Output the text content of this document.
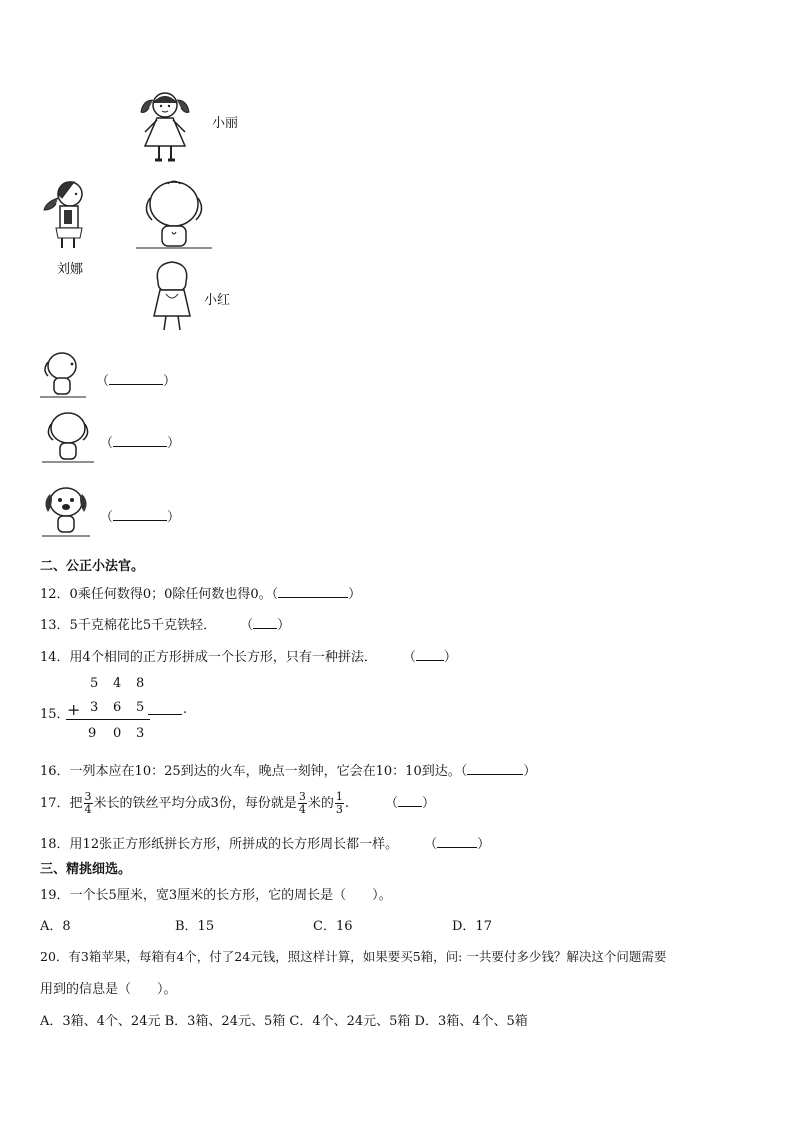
小丽
刘娜
小红
（	）
（	）
（	）
二、公正小法官。
12．0乘任何数得0；0除任何数也得0。（	）
13．5千克棉花比5千克铁轻． （ ）
14．用4个相同的正方形拼成一个长方形，只有一种拼法． （ ）
5 4 8
15．
+ 3 6 5	.
9 0 3
16．一列本应在10：25到达的火车，晚点一刻钟，它会在10：10到达。（	）
17．把 $\frac{3}{4}$ 米长的铁丝平均分成3份，每份就是 $\frac{3}{4}$ 米的 $\frac{1}{3}$ .	（ ）
18．用12张正方形纸拼长方形，所拼成的长方形周长都一样。 （	）
三、精挑细选。
19．一个长5厘米，宽3厘米的长方形，它的周长是（　　）。
A．8	B．15	C．16	D．17
20．有3箱苹果，每箱有4个，付了24元钱，照这样计算，如果要买5箱，问: 一共要付多少钱？解决这个问题需要
用到的信息是（　　）。
A．3箱、4个、24元 B．3箱、24元、5箱 C．4个、24元、5箱 D．3箱、4个、5箱
